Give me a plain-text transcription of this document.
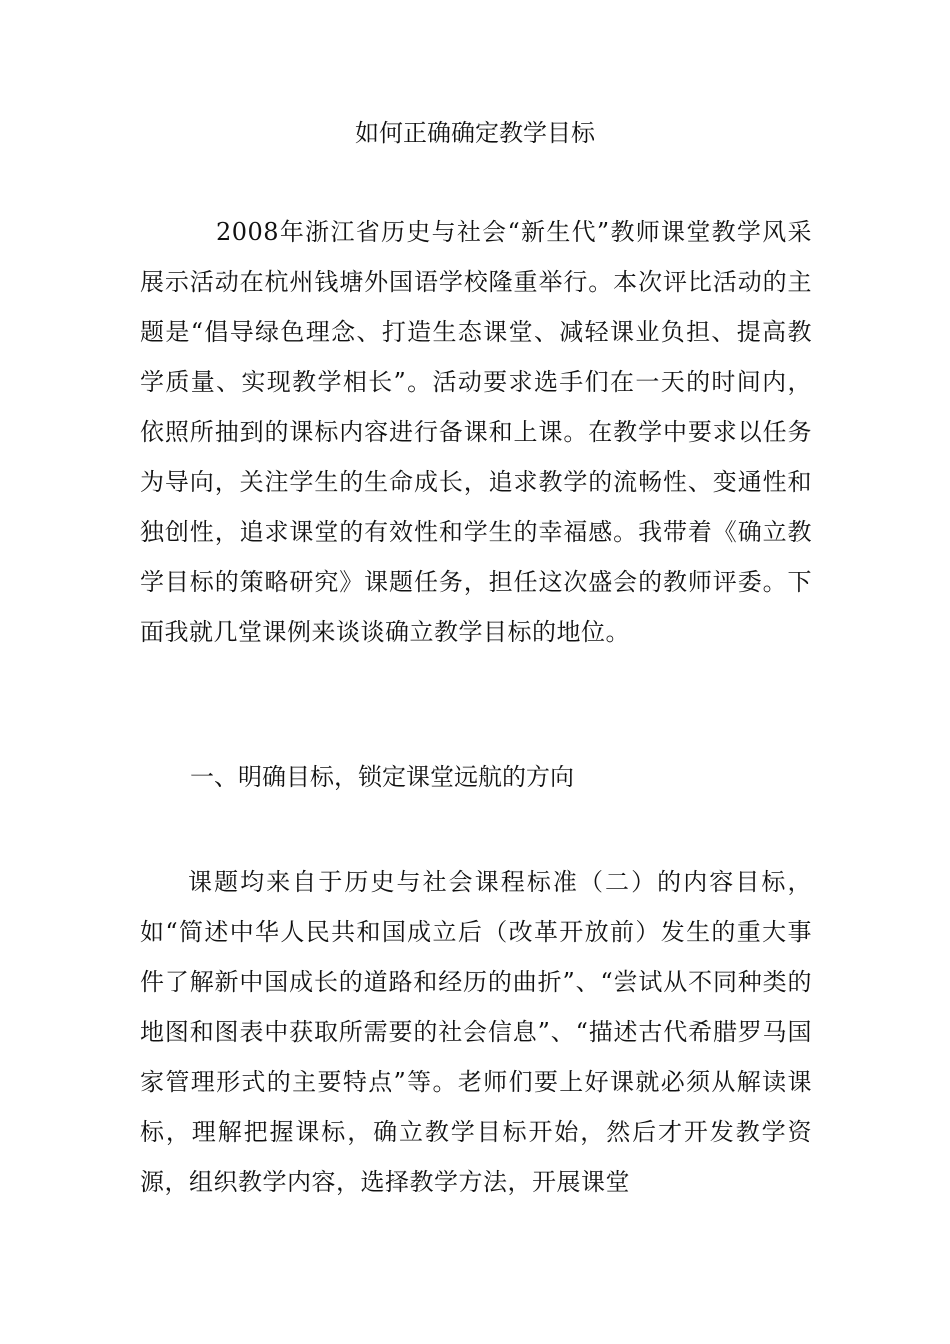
如何正确确定教学目标

2008年浙江省历史与社会“新生代”教师课堂教学风采展示活动在杭州钱塘外国语学校隆重举行。本次评比活动的主题是“倡导绿色理念、打造生态课堂、减轻课业负担、提高教学质量、实现教学相长”。活动要求选手们在一天的时间内，依照所抽到的课标内容进行备课和上课。在教学中要求以任务为导向，关注学生的生命成长，追求教学的流畅性、变通性和独创性，追求课堂的有效性和学生的幸福感。我带着《确立教学目标的策略研究》课题任务，担任这次盛会的教师评委。下面我就几堂课例来谈谈确立教学目标的地位。

一、明确目标，锁定课堂远航的方向

课题均来自于历史与社会课程标准（二）的内容目标，如“简述中华人民共和国成立后（改革开放前）发生的重大事件了解新中国成长的道路和经历的曲折”、“尝试从不同种类的地图和图表中获取所需要的社会信息”、“描述古代希腊罗马国家管理形式的主要特点”等。老师们要上好课就必须从解读课标，理解把握课标，确立教学目标开始，然后才开发教学资源，组织教学内容，选择教学方法，开展课堂
